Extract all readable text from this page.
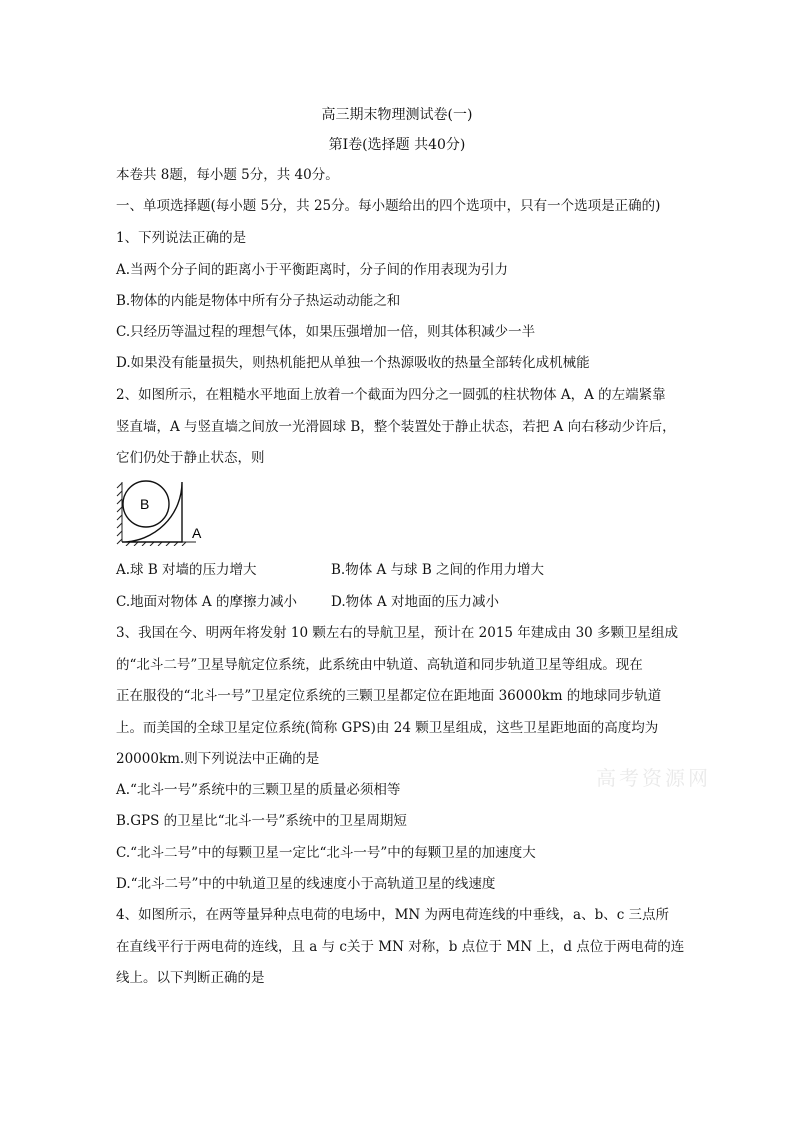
高三期末物理测试卷(一)
第Ⅰ卷(选择题 共40分)
本卷共 8题，每小题 5分，共 40分。
一、单项选择题(每小题 5分，共 25分。每小题给出的四个选项中，只有一个选项是正确的)
1、下列说法正确的是
A.当两个分子间的距离小于平衡距离时，分子间的作用表现为引力
B.物体的内能是物体中所有分子热运动动能之和
C.只经历等温过程的理想气体，如果压强增加一倍，则其体积减少一半
D.如果没有能量损失，则热机能把从单独一个热源吸收的热量全部转化成机械能
2、如图所示，在粗糙水平地面上放着一个截面为四分之一圆弧的柱状物体 A，A 的左端紧靠
竖直墙，A 与竖直墙之间放一光滑圆球 B，整个装置处于静止状态，若把 A 向右移动少许后，
它们仍处于静止状态，则
B
A
A.球 B 对墙的压力增大	B.物体 A 与球 B 之间的作用力增大
C.地面对物体 A 的摩擦力减小	D.物体 A 对地面的压力减小
3、我国在今、明两年将发射 10 颗左右的导航卫星，预计在 2015 年建成由 30 多颗卫星组成
的“北斗二号”卫星导航定位系统，此系统由中轨道、高轨道和同步轨道卫星等组成。现在
正在服役的“北斗一号”卫星定位系统的三颗卫星都定位在距地面 36000km 的地球同步轨道
上。而美国的全球卫星定位系统(简称 GPS)由 24 颗卫星组成，这些卫星距地面的高度均为
20000km.则下列说法中正确的是
A.“北斗一号”系统中的三颗卫星的质量必须相等
B.GPS 的卫星比“北斗一号”系统中的卫星周期短
C.“北斗二号”中的每颗卫星一定比“北斗一号”中的每颗卫星的加速度大
D.“北斗二号”中的中轨道卫星的线速度小于高轨道卫星的线速度
4、如图所示，在两等量异种点电荷的电场中，MN 为两电荷连线的中垂线，a、b、c 三点所
在直线平行于两电荷的连线，且 a 与 c关于 MN 对称，b 点位于 MN 上，d 点位于两电荷的连
线上。以下判断正确的是
高考资源网
